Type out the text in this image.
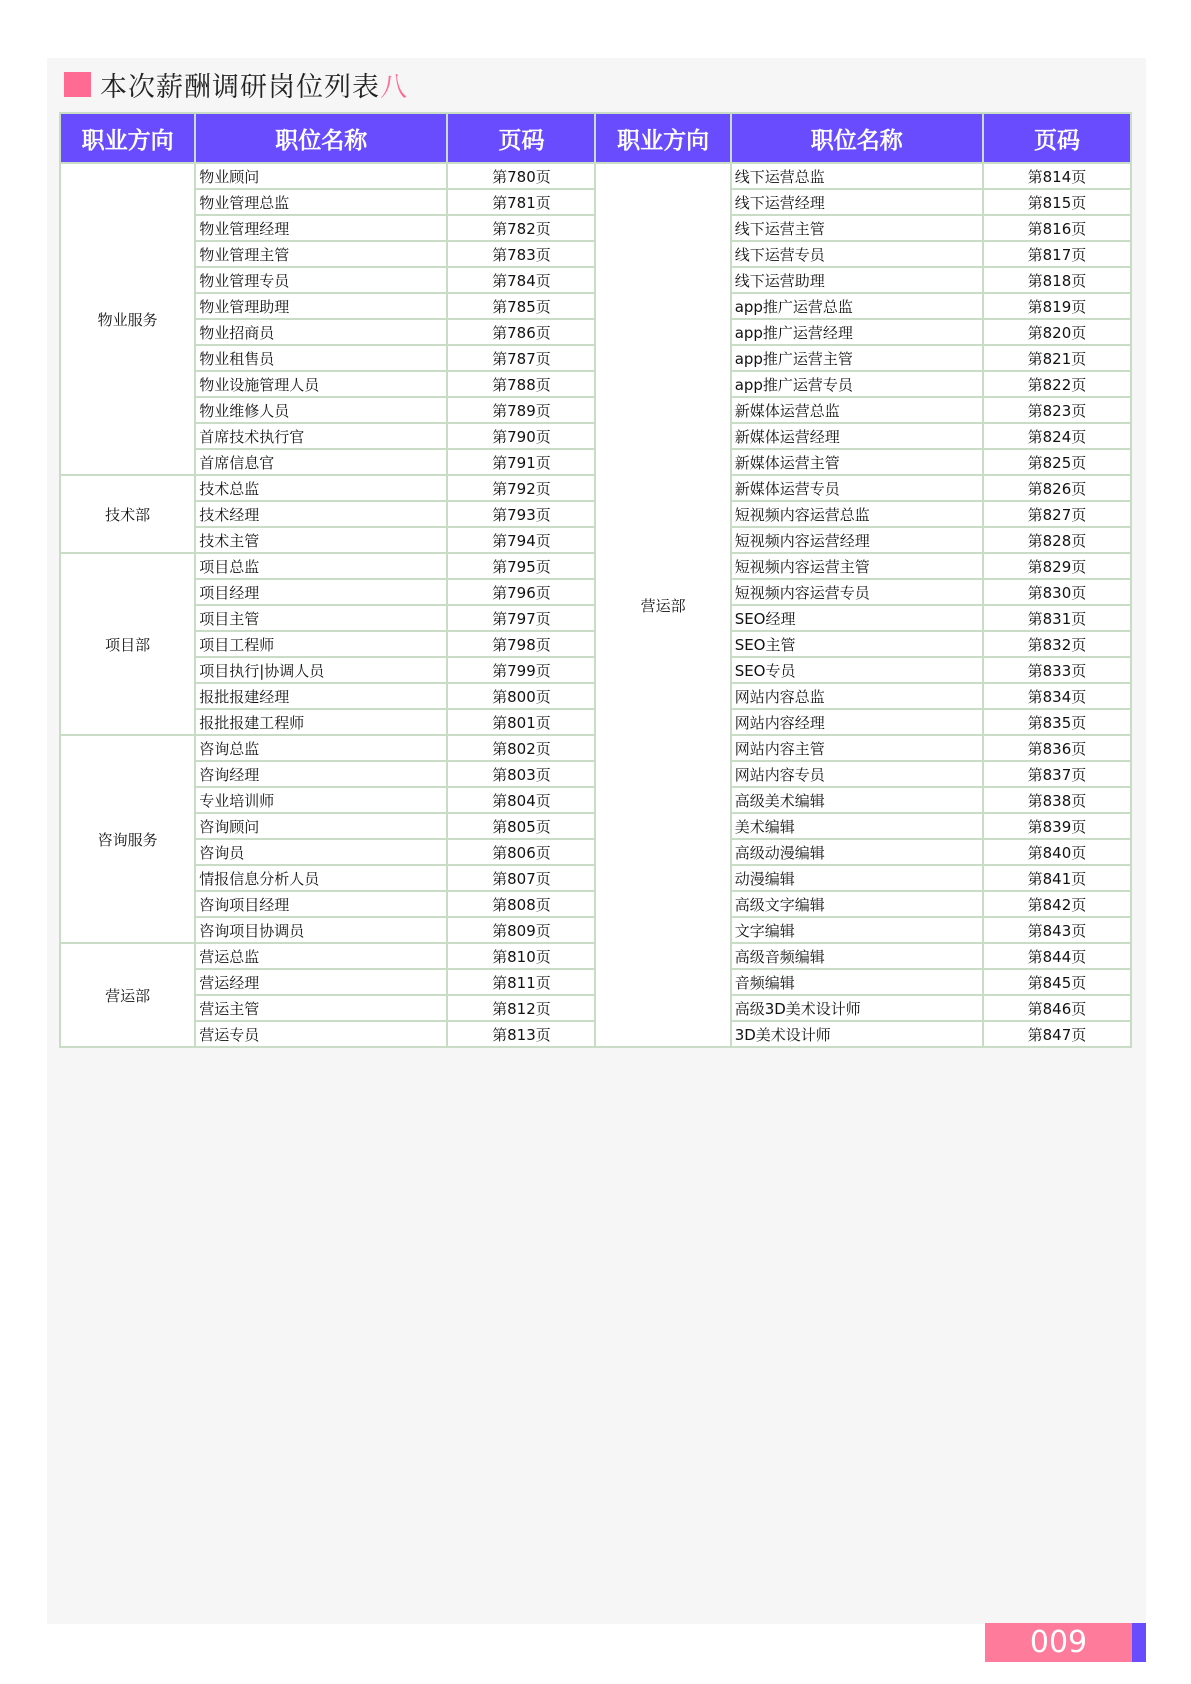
本次薪酬调研岗位列表 八
职业方向	职位名称	页码	职业方向	职位名称	页码
物业服务	物业顾问	第780页	营运部	线下运营总监	第814页
	物业管理总监	第781页		线下运营经理	第815页
	物业管理经理	第782页		线下运营主管	第816页
	物业管理主管	第783页		线下运营专员	第817页
	物业管理专员	第784页		线下运营助理	第818页
	物业管理助理	第785页		app推广运营总监	第819页
	物业招商员	第786页		app推广运营经理	第820页
	物业租售员	第787页		app推广运营主管	第821页
	物业设施管理人员	第788页		app推广运营专员	第822页
	物业维修人员	第789页		新媒体运营总监	第823页
	首席技术执行官	第790页		新媒体运营经理	第824页
	首席信息官	第791页		新媒体运营主管	第825页
技术部	技术总监	第792页		新媒体运营专员	第826页
	技术经理	第793页		短视频内容运营总监	第827页
	技术主管	第794页		短视频内容运营经理	第828页
项目部	项目总监	第795页		短视频内容运营主管	第829页
	项目经理	第796页		短视频内容运营专员	第830页
	项目主管	第797页		SEO经理	第831页
	项目工程师	第798页		SEO主管	第832页
	项目执行|协调人员	第799页		SEO专员	第833页
	报批报建经理	第800页		网站内容总监	第834页
	报批报建工程师	第801页		网站内容经理	第835页
咨询服务	咨询总监	第802页		网站内容主管	第836页
	咨询经理	第803页		网站内容专员	第837页
	专业培训师	第804页		高级美术编辑	第838页
	咨询顾问	第805页		美术编辑	第839页
	咨询员	第806页		高级动漫编辑	第840页
	情报信息分析人员	第807页		动漫编辑	第841页
	咨询项目经理	第808页		高级文字编辑	第842页
	咨询项目协调员	第809页		文字编辑	第843页
营运部	营运总监	第810页		高级音频编辑	第844页
	营运经理	第811页		音频编辑	第845页
	营运主管	第812页		高级3D美术设计师	第846页
	营运专员	第813页		3D美术设计师	第847页
009
